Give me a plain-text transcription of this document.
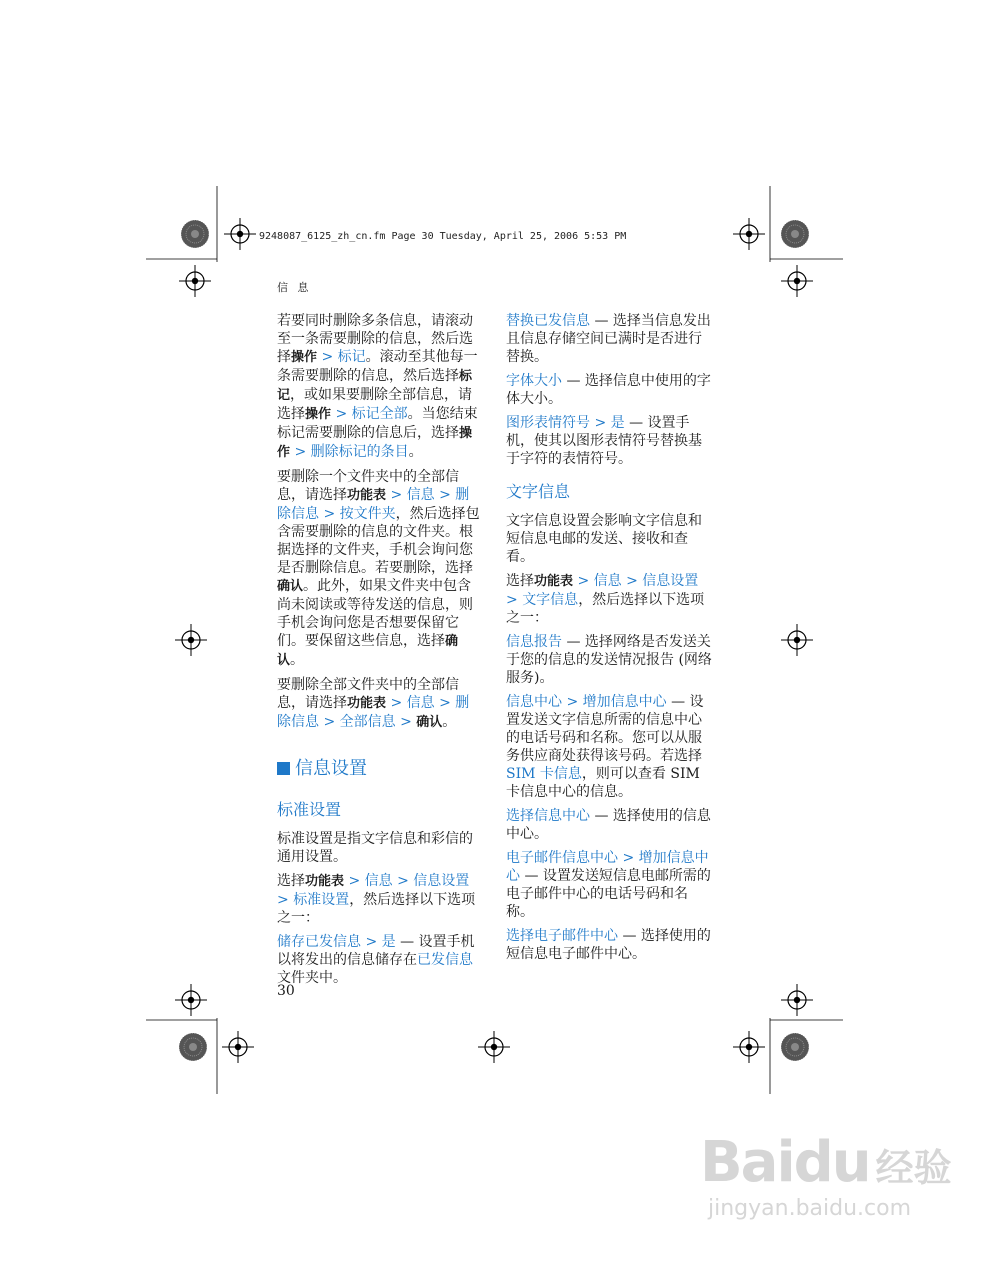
9248087_6125_zh_cn.fm Page 30 Tuesday, April 25, 2006 5:53 PM
信 息

若要同时删除多条信息，请滚动至一条需要删除的信息，然后选择操作 > 标记。滚动至其他每一条需要删除的信息，然后选择标记，或如果要删除全部信息，请选择操作 > 标记全部。当您结束标记需要删除的信息后，选择操作 > 删除标记的条目。

要删除一个文件夹中的全部信息，请选择功能表 > 信息 > 删除信息 > 按文件夹，然后选择包含需要删除的信息的文件夹。根据选择的文件夹，手机会询问您是否删除信息。若要删除，选择确认。此外，如果文件夹中包含尚未阅读或等待发送的信息，则手机会询问您是否想要保留它们。要保留这些信息，选择确认。

要删除全部文件夹中的全部信息，请选择功能表 > 信息 > 删除信息 > 全部信息 > 确认。

信息设置

标准设置

标准设置是指文字信息和彩信的通用设置。

选择功能表 > 信息 > 信息设置 > 标准设置，然后选择以下选项之一：

储存已发信息 > 是 — 设置手机以将发出的信息储存在已发信息文件夹中。

替换已发信息 — 选择当信息发出且信息存储空间已满时是否进行替换。

字体大小 — 选择信息中使用的字体大小。

图形表情符号 > 是 — 设置手机，使其以图形表情符号替换基于字符的表情符号。

文字信息

文字信息设置会影响文字信息和短信息电邮的发送、接收和查看。

选择功能表 > 信息 > 信息设置 > 文字信息，然后选择以下选项之一：

信息报告 — 选择网络是否发送关于您的信息的发送情况报告 (网络服务)。

信息中心 > 增加信息中心 — 设置发送文字信息所需的信息中心的电话号码和名称。您可以从服务供应商处获得该号码。若选择SIM 卡信息，则可以查看 SIM 卡信息中心的信息。

选择信息中心 — 选择使用的信息中心。

电子邮件信息中心 > 增加信息中心 — 设置发送短信息电邮所需的电子邮件中心的电话号码和名称。

选择电子邮件中心 — 选择使用的短信息电子邮件中心。

30
Baidu 经验
jingyan.baidu.com
